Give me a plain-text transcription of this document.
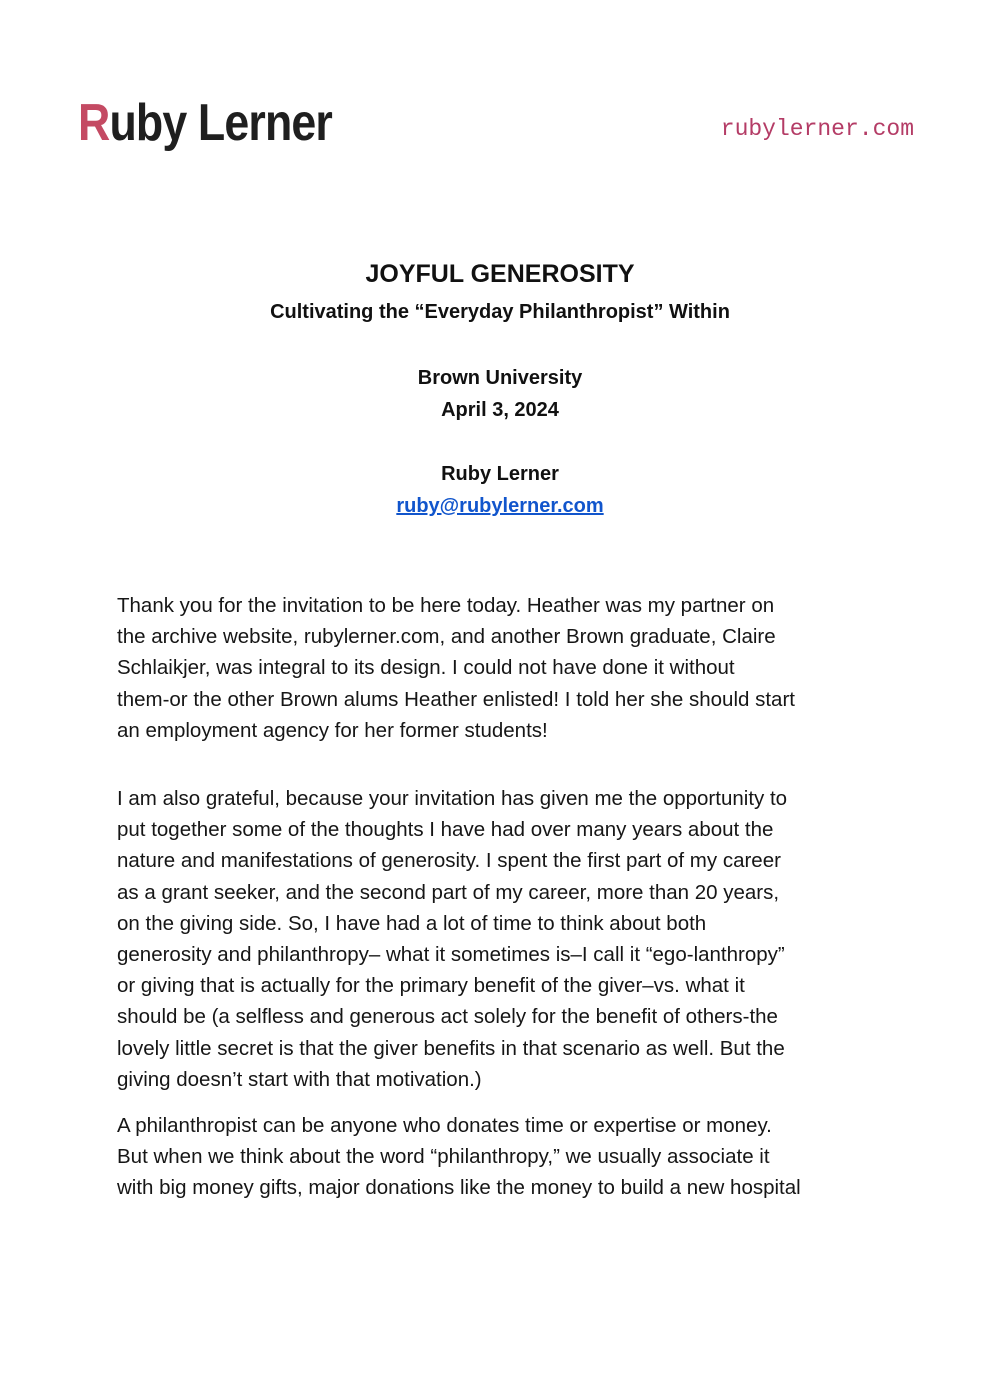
Ruby Lerner	rubylerner.com
JOYFUL GENEROSITY
Cultivating the “Everyday Philanthropist” Within
Brown University
April 3, 2024
Ruby Lerner
ruby@rubylerner.com

Thank you for the invitation to be here today. Heather was my partner on
the archive website, rubylerner.com, and another Brown graduate, Claire
Schlaikjer, was integral to its design. I could not have done it without
them-or the other Brown alums Heather enlisted! I told her she should start
an employment agency for her former students!

I am also grateful, because your invitation has given me the opportunity to
put together some of the thoughts I have had over many years about the
nature and manifestations of generosity. I spent the first part of my career
as a grant seeker, and the second part of my career, more than 20 years,
on the giving side. So, I have had a lot of time to think about both
generosity and philanthropy– what it sometimes is–I call it “ego-lanthropy”
or giving that is actually for the primary benefit of the giver–vs. what it
should be (a selfless and generous act solely for the benefit of others-the
lovely little secret is that the giver benefits in that scenario as well. But the
giving doesn’t start with that motivation.)

A philanthropist can be anyone who donates time or expertise or money.
But when we think about the word “philanthropy,” we usually associate it
with big money gifts, major donations like the money to build a new hospital
